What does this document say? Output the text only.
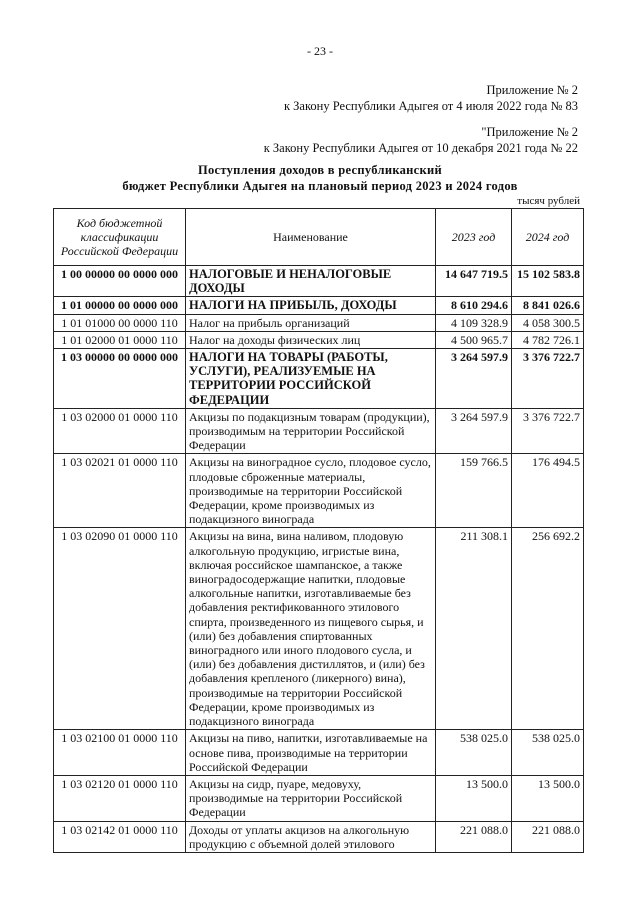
- 23 -
Приложение № 2
к Закону Республики Адыгея от 4 июля 2022 года № 83
"Приложение № 2
к Закону Республики Адыгея от 10 декабря 2021 года № 22
Поступления доходов в республиканский
бюджет Республики Адыгея на плановый период 2023 и 2024 годов
тысяч рублей
Код бюджетной классификации Российской Федерации	Наименование	2023 год	2024 год
1 00 00000 00 0000 000	НАЛОГОВЫЕ И НЕНАЛОГОВЫЕ ДОХОДЫ	14 647 719.5	15 102 583.8
1 01 00000 00 0000 000	НАЛОГИ НА ПРИБЫЛЬ, ДОХОДЫ	8 610 294.6	8 841 026.6
1 01 01000 00 0000 110	Налог на прибыль организаций	4 109 328.9	4 058 300.5
1 01 02000 01 0000 110	Налог на доходы физических лиц	4 500 965.7	4 782 726.1
1 03 00000 00 0000 000	НАЛОГИ НА ТОВАРЫ (РАБОТЫ, УСЛУГИ), РЕАЛИЗУЕМЫЕ НА ТЕРРИТОРИИ РОССИЙСКОЙ ФЕДЕРАЦИИ	3 264 597.9	3 376 722.7
1 03 02000 01 0000 110	Акцизы по подакцизным товарам (продукции), производимым на территории Российской Федерации	3 264 597.9	3 376 722.7
1 03 02021 01 0000 110	Акцизы на виноградное сусло, плодовое сусло, плодовые сброженные материалы, производимые на территории Российской Федерации, кроме производимых из подакцизного винограда	159 766.5	176 494.5
1 03 02090 01 0000 110	Акцизы на вина, вина наливом, плодовую алкогольную продукцию, игристые вина, включая российское шампанское, а также виноградосодержащие напитки, плодовые алкогольные напитки, изготавливаемые без добавления ректификованного этилового спирта, произведенного из пищевого сырья, и (или) без добавления спиртованных виноградного или иного плодового сусла, и (или) без добавления дистиллятов, и (или) без добавления крепленого (ликерного) вина), производимые на территории Российской Федерации, кроме производимых из подакцизного винограда	211 308.1	256 692.2
1 03 02100 01 0000 110	Акцизы на пиво, напитки, изготавливаемые на основе пива, производимые на территории Российской Федерации	538 025.0	538 025.0
1 03 02120 01 0000 110	Акцизы на сидр, пуаре, медовуху, производимые на территории Российской Федерации	13 500.0	13 500.0
1 03 02142 01 0000 110	Доходы от уплаты акцизов на алкогольную продукцию с объемной долей этилового	221 088.0	221 088.0
